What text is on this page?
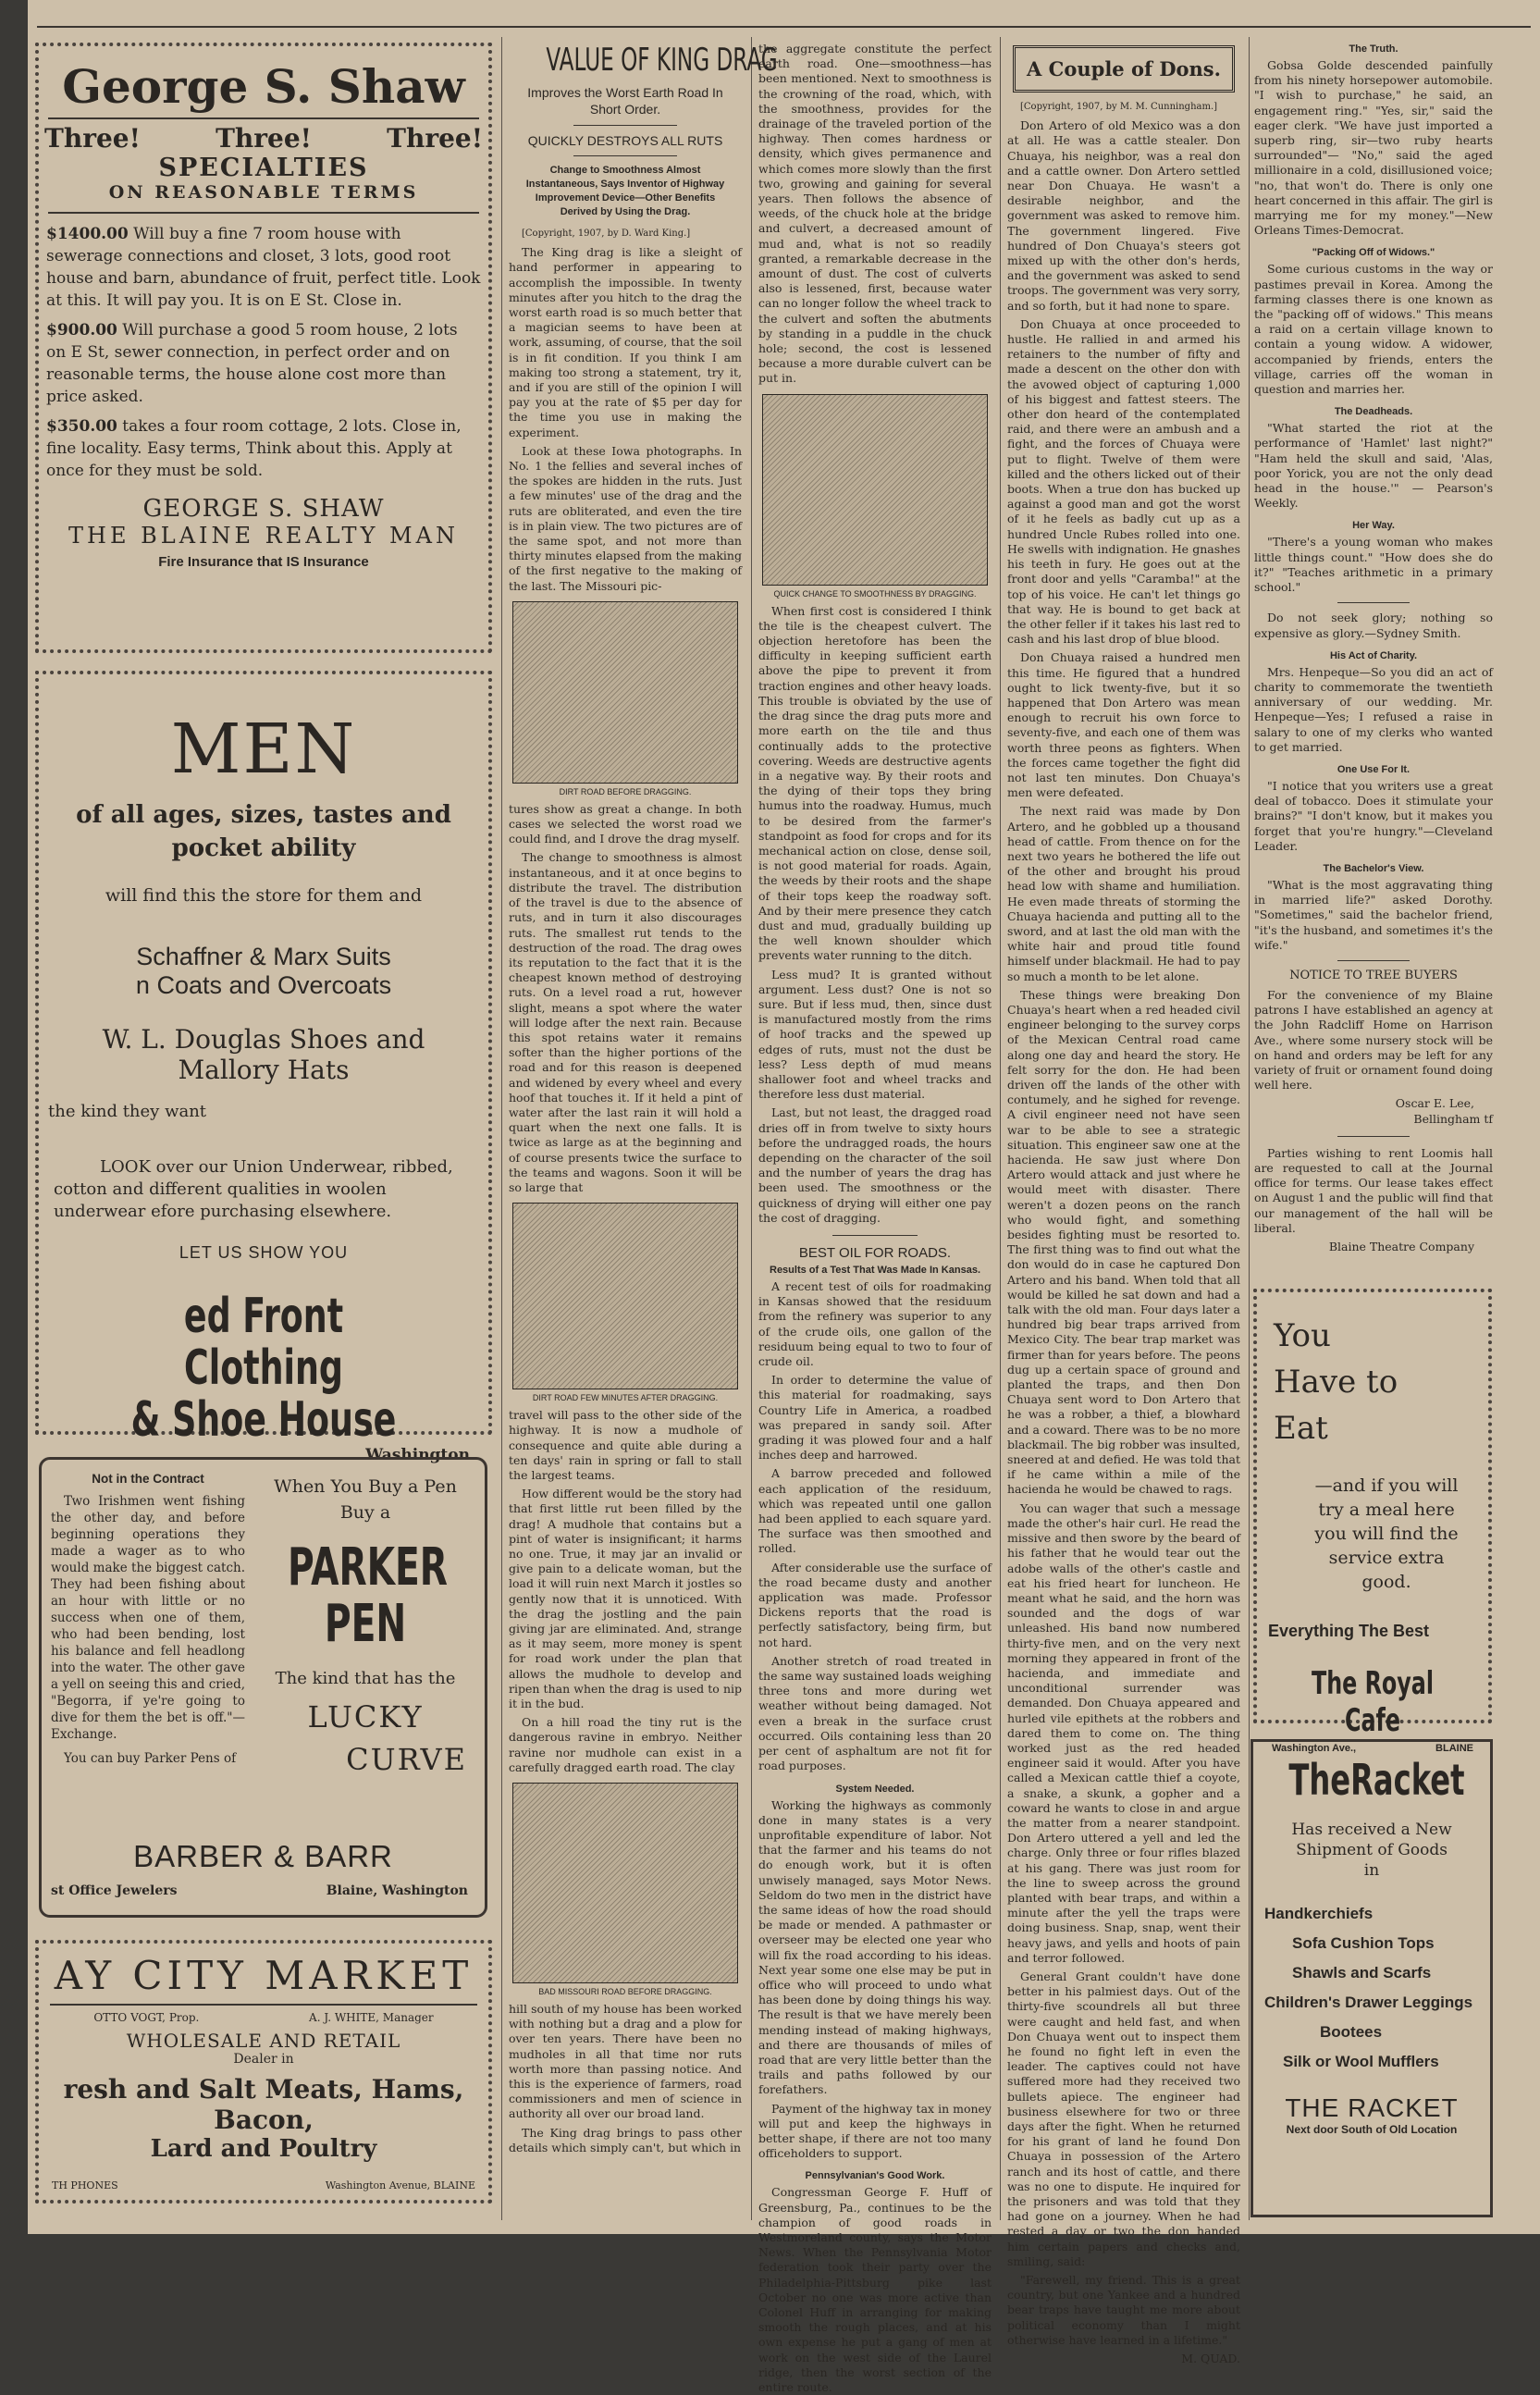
George S. Shaw
Three!	Three!	Three!
SPECIALTIES
ON REASONABLE TERMS
$1400.00 Will buy a fine 7 room house with sewerage connections and closet, 3 lots, good root house and barn, abundance of fruit, perfect title. Look at this. It will pay you. It is on E St. Close in.
$900.00 Will purchase a good 5 room house, 2 lots on E St, sewer connection, in perfect order and on reasonable terms, the house alone cost more than price asked.
$350.00 takes a four room cottage, 2 lots. Close in, fine locality. Easy terms, Think about this. Apply at once for they must be sold.
GEORGE S. SHAW
THE BLAINE REALTY MAN
Fire Insurance that IS Insurance
MEN
of all ages, sizes, tastes and pocket ability
will find this the store for them and
Schaffner & Marx Suits
n Coats and Overcoats
W. L. Douglas Shoes and
Mallory Hats
the kind they want
LOOK over our Union Underwear, ribbed, cotton and different qualities in woolen underwear efore purchasing elsewhere.
LET US SHOW YOU
ed Front Clothing
& Shoe House
Washington
Not in the Contract
Two Irishmen went fishing the other day, and before beginning operations they made a wager as to who would make the biggest catch. They had been fishing about an hour with little or no success when one of them, who had been bending, lost his balance and fell headlong into the water. The other gave a yell on seeing this and cried, "Begorra, if ye're going to dive for them the bet is off."—Exchange.
You can buy Parker Pens of
When You Buy a Pen
Buy a
PARKER
PEN
The kind that has the
LUCKY
CURVE
BARBER & BARR
st Office Jewelers	Blaine, Washington
AY CITY MARKET
OTTO VOGT, Prop.	A. J. WHITE, Manager
WHOLESALE AND RETAIL
Dealer in
resh and Salt Meats, Hams, Bacon,
Lard and Poultry
TH PHONES	Washington Avenue, BLAINE
VALUE OF KING DRAG
Improves the Worst Earth Road In Short Order.
QUICKLY DESTROYS ALL RUTS
Change to Smoothness Almost Instantaneous, Says Inventor of Highway Improvement Device—Other Benefits Derived by Using the Drag.

[Copyright, 1907, by D. Ward King.]

The King drag is like a sleight of hand performer in appearing to accomplish the impossible. In twenty minutes after you hitch to the drag the worst earth road is so much better that a magician seems to have been at work, assuming, of course, that the soil is in fit condition. If you think I am making too strong a statement, try it, and if you are still of the opinion I will pay you at the rate of $5 per day for the time you use in making the experiment.

Look at these Iowa photographs. In No. 1 the fellies and several inches of the spokes are hidden in the ruts. Just a few minutes' use of the drag and the ruts are obliterated, and even the tire is in plain view. The two pictures are of the same spot, and not more than thirty minutes elapsed from the making of the first negative to the making of the last. The Missouri pic-

DIRT ROAD BEFORE DRAGGING.

tures show as great a change. In both cases we selected the worst road we could find, and I drove the drag myself.

The change to smoothness is almost instantaneous, and it at once begins to distribute the travel. The distribution of the travel is due to the absence of ruts, and in turn it also discourages ruts. The smallest rut tends to the destruction of the road. The drag owes its reputation to the fact that it is the cheapest known method of destroying ruts. On a level road a rut, however slight, means a spot where the water will lodge after the next rain. Because this spot retains water it remains softer than the higher portions of the road and for this reason is deepened and widened by every wheel and every hoof that touches it. If it held a pint of water after the last rain it will hold a quart when the next one falls. It is twice as large as at the beginning and of course presents twice the surface to the teams and wagons. Soon it will be so large that

DIRT ROAD FEW MINUTES AFTER DRAGGING.

travel will pass to the other side of the highway. It is now a mudhole of consequence and quite able during a ten days' rain in spring or fall to stall the largest teams.

How different would be the story had that first little rut been filled by the drag! A mudhole that contains but a pint of water is insignificant; it harms no one. True, it may jar an invalid or give pain to a delicate woman, but the load it will ruin next March it jostles so gently now that it is unnoticed. With the drag the jostling and the pain giving jar are eliminated. And, strange as it may seem, more money is spent for road work under the plan that allows the mudhole to develop and ripen than when the drag is used to nip it in the bud.

On a hill road the tiny rut is the dangerous ravine in embryo. Neither ravine nor mudhole can exist in a carefully dragged earth road. The clay

BAD MISSOURI ROAD BEFORE DRAGGING.

hill south of my house has been worked with nothing but a drag and a plow for over ten years. There have been no mudholes in all that time nor ruts worth more than passing notice. And this is the experience of farmers, road commissioners and men of science in authority all over our broad land.

The King drag brings to pass other details which simply can't, but which in

the aggregate constitute the perfect earth road. One—smoothness—has been mentioned. Next to smoothness is the crowning of the road, which, with the smoothness, provides for the drainage of the traveled portion of the highway. Then comes hardness or density, which gives permanence and which comes more slowly than the first two, growing and gaining for several years. Then follows the absence of weeds, of the chuck hole at the bridge and culvert, a decreased amount of mud and, what is not so readily granted, a remarkable decrease in the amount of dust. The cost of culverts also is lessened, first, because water can no longer follow the wheel track to the culvert and soften the abutments by standing in a puddle in the chuck hole; second, the cost is lessened because a more durable culvert can be put in.

QUICK CHANGE TO SMOOTHNESS BY DRAGGING.

When first cost is considered I think the tile is the cheapest culvert. The objection heretofore has been the difficulty in keeping sufficient earth above the pipe to prevent it from traction engines and other heavy loads. This trouble is obviated by the use of the drag since the drag puts more and more earth on the tile and thus continually adds to the protective covering. Weeds are destructive agents in a negative way. By their roots and the dying of their tops they bring humus into the roadway. Humus, much to be desired from the farmer's standpoint as food for crops and for its mechanical action on close, dense soil, is not good material for roads. Again, the weeds by their roots and the shape of their tops keep the roadway soft. And by their mere presence they catch dust and mud, gradually building up the well known shoulder which prevents water running to the ditch.

Less mud? It is granted without argument. Less dust? One is not so sure. But if less mud, then, since dust is manufactured mostly from the rims of hoof tracks and the spewed up edges of ruts, must not the dust be less? Less depth of mud means shallower foot and wheel tracks and therefore less dust material.

Last, but not least, the dragged road dries off in from twelve to sixty hours before the undragged roads, the hours depending on the character of the soil and the number of years the drag has been used. The smoothness or the quickness of drying will either one pay the cost of dragging.

BEST OIL FOR ROADS.
Results of a Test That Was Made In Kansas.

A recent test of oils for roadmaking in Kansas showed that the residuum from the refinery was superior to any of the crude oils, one gallon of the residuum being equal to two to four of crude oil.

In order to determine the value of this material for roadmaking, says Country Life in America, a roadbed was prepared in sandy soil. After grading it was plowed four and a half inches deep and harrowed.

A barrow preceded and followed each application of the residuum, which was repeated until one gallon had been applied to each square yard. The surface was then smoothed and rolled.

After considerable use the surface of the road became dusty and another application was made. Professor Dickens reports that the road is perfectly satisfactory, being firm, but not hard.

Another stretch of road treated in the same way sustained loads weighing three tons and more during wet weather without being damaged. Not even a break in the surface crust occurred. Oils containing less than 20 per cent of asphaltum are not fit for road purposes.

System Needed.

Working the highways as commonly done in many states is a very unprofitable expenditure of labor. Not that the farmer and his teams do not do enough work, but it is often unwisely managed, says Motor News. Seldom do two men in the district have the same ideas of how the road should be made or mended. A pathmaster or overseer may be elected one year who will fix the road according to his ideas. Next year some one else may be put in office who will proceed to undo what has been done by doing things his way. The result is that we have merely been mending instead of making highways, and there are thousands of miles of road that are very little better than the trails and paths followed by our forefathers.

Payment of the highway tax in money will put and keep the highways in better shape, if there are not too many officeholders to support.

Pennsylvanian's Good Work.

Congressman George F. Huff of Greensburg, Pa., continues to be the champion of good roads in Westmoreland county, says the Motor News. When the Pennsylvania Motor federation took their party over the Philadelphia-Pittsburg pike last October no one was more active than Colonel Huff in arranging for making smooth the rough places, and at his own expense he put a gang of men at work on the west side of the Laurel ridge, then the worst section of the entire route.

A Couple of Dons.

[Copyright, 1907, by M. M. Cunningham.]

Don Artero of old Mexico was a don at all. He was a cattle stealer. Don Chuaya, his neighbor, was a real don and a cattle owner. Don Artero settled near Don Chuaya. He wasn't a desirable neighbor, and the government was asked to remove him. The government lingered. Five hundred of Don Chuaya's steers got mixed up with the other don's herds, and the government was asked to send troops. The government was very sorry, and so forth, but it had none to spare.

Don Chuaya at once proceeded to hustle. He rallied in and armed his retainers to the number of fifty and made a descent on the other don with the avowed object of capturing 1,000 of his biggest and fattest steers. The other don heard of the contemplated raid, and there were an ambush and a fight, and the forces of Chuaya were put to flight. Twelve of them were killed and the others licked out of their boots. When a true don has bucked up against a good man and got the worst of it he feels as badly cut up as a hundred Uncle Rubes rolled into one. He swells with indignation. He gnashes his teeth in fury. He goes out at the front door and yells "Caramba!" at the top of his voice. He can't let things go that way. He is bound to get back at the other feller if it takes his last red to cash and his last drop of blue blood.

Don Chuaya raised a hundred men this time. He figured that a hundred ought to lick twenty-five, but it so happened that Don Artero was mean enough to recruit his own force to seventy-five, and each one of them was worth three peons as fighters. When the forces came together the fight did not last ten minutes. Don Chuaya's men were defeated.

The next raid was made by Don Artero, and he gobbled up a thousand head of cattle. From thence on for the next two years he bothered the life out of the other and brought his proud head low with shame and humiliation. He even made threats of storming the Chuaya hacienda and putting all to the sword, and at last the old man with the white hair and proud title found himself under blackmail. He had to pay so much a month to be let alone.

These things were breaking Don Chuaya's heart when a red headed civil engineer belonging to the survey corps of the Mexican Central road came along one day and heard the story. He felt sorry for the don. He had been driven off the lands of the other with contumely, and he sighed for revenge. A civil engineer need not have seen war to be able to see a strategic situation. This engineer saw one at the hacienda. He saw just where Don Artero would attack and just where he would meet with disaster. There weren't a dozen peons on the ranch who would fight, and something besides fighting must be resorted to. The first thing was to find out what the don would do in case he captured Don Artero and his band. When told that all would be killed he sat down and had a talk with the old man. Four days later a hundred big bear traps arrived from Mexico City. The bear trap market was firmer than for years before. The peons dug up a certain space of ground and planted the traps, and then Don Chuaya sent word to Don Artero that he was a robber, a thief, a blowhard and a coward. There was to be no more blackmail. The big robber was insulted, sneered at and defied. He was told that if he came within a mile of the hacienda he would be chawed to rags.

You can wager that such a message made the other's hair curl. He read the missive and then swore by the beard of his father that he would tear out the adobe walls of the other's castle and eat his fried heart for luncheon. He meant what he said, and the horn was sounded and the dogs of war unleashed. His band now numbered thirty-five men, and on the very next morning they appeared in front of the hacienda, and immediate and unconditional surrender was demanded. Don Chuaya appeared and hurled vile epithets at the robbers and dared them to come on. The thing worked just as the red headed engineer said it would. After you have called a Mexican cattle thief a coyote, a snake, a skunk, a gopher and a coward he wants to close in and argue the matter from a nearer standpoint. Don Artero uttered a yell and led the charge. Only three or four rifles blazed at his gang. There was just room for the line to sweep across the ground planted with bear traps, and within a minute after the yell the traps were doing business. Snap, snap, went their heavy jaws, and yells and hoots of pain and terror followed.

General Grant couldn't have done better in his palmiest days. Out of the thirty-five scoundrels all but three were caught and held fast, and when Don Chuaya went out to inspect them he found no fight left in even the leader. The captives could not have suffered more had they received two bullets apiece. The engineer had business elsewhere for two or three days after the fight. When he returned for his grant of land he found Don Chuaya in possession of the Artero ranch and its host of cattle, and there was no one to dispute. He inquired for the prisoners and was told that they had gone on a journey. When he had rested a day or two the don handed him certain papers and checks and, smiling, said:

"Farewell, my friend. This is a great country, but one Yankee and a hundred bear traps have taught me more about political economy than I might otherwise have learned in a lifetime."

M. QUAD.

The Truth.

Gobsa Golde descended painfully from his ninety horsepower automobile. "I wish to purchase," he said, an engagement ring." "Yes, sir," said the eager clerk. "We have just imported a superb ring, sir—two ruby hearts surrounded"— "No," said the aged millionaire in a cold, disillusioned voice; "no, that won't do. There is only one heart concerned in this affair. The girl is marrying me for my money."—New Orleans Times-Democrat.

"Packing Off of Widows."

Some curious customs in the way or pastimes prevail in Korea. Among the farming classes there is one known as the "packing off of widows." This means a raid on a certain village known to contain a young widow. A widower, accompanied by friends, enters the village, carries off the woman in question and marries her.

The Deadheads.

"What started the riot at the performance of 'Hamlet' last night?" "Ham held the skull and said, 'Alas, poor Yorick, you are not the only dead head in the house.'" — Pearson's Weekly.

Her Way.

"There's a young woman who makes little things count." "How does she do it?" "Teaches arithmetic in a primary school."

Do not seek glory; nothing so expensive as glory.—Sydney Smith.

His Act of Charity.

Mrs. Henpeque—So you did an act of charity to commemorate the twentieth anniversary of our wedding. Mr. Henpeque—Yes; I refused a raise in salary to one of my clerks who wanted to get married.

One Use For It.

"I notice that you writers use a great deal of tobacco. Does it stimulate your brains?" "I don't know, but it makes you forget that you're hungry."—Cleveland Leader.

The Bachelor's View.

"What is the most aggravating thing in married life?" asked Dorothy. "Sometimes," said the bachelor friend, "it's the husband, and sometimes it's the wife."

NOTICE TO TREE BUYERS

For the convenience of my Blaine patrons I have established an agency at the John Radcliff Home on Harrison Ave., where some nursery stock will be on hand and orders may be left for any variety of fruit or ornament found doing well here.

Oscar E. Lee,
Bellingham tf

Parties wishing to rent Loomis hall are requested to call at the Journal office for terms. Our lease takes effect on August 1 and the public will find that our management of the hall will be liberal.

Blaine Theatre Company
You
Have to
Eat
—and if you will try a meal here you will find the service extra good.
Everything The Best
The Royal Cafe
Washington Ave.,	BLAINE
TheRacket
Has received a New Shipment of Goods in
Handkerchiefs
Sofa Cushion Tops
Shawls and Scarfs
Children's Drawer Leggings
Bootees
Silk or Wool Mufflers
THE RACKET
Next door South of Old Location
